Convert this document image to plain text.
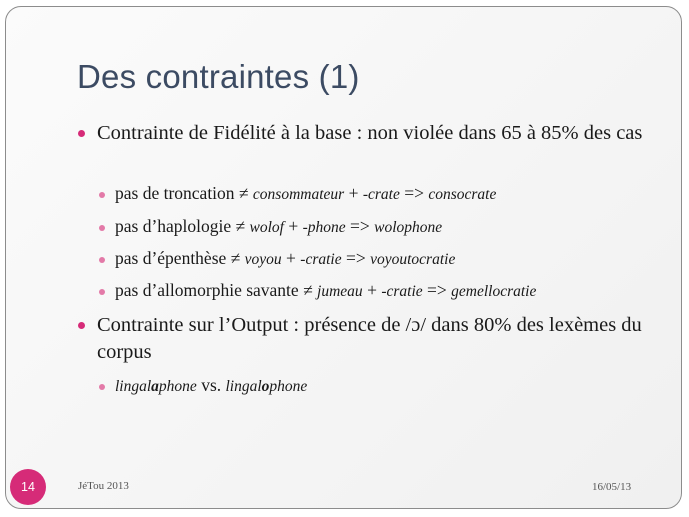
Des contraintes (1)
Contrainte de Fidélité à la base : non violée dans 65 à 85% des cas
pas de troncation ≠ consommateur + -crate => consocrate
pas d’haplologie ≠ wolof + -phone => wolophone
pas d’épenthèse ≠ voyou + -cratie => voyoutocratie
pas d’allomorphie savante ≠ jumeau + -cratie => gemellocratie
Contrainte sur l’Output : présence de /ɔ/ dans 80% des lexèmes du corpus
lingalaphone vs. lingalophone
14	JéTou 2013	16/05/13
